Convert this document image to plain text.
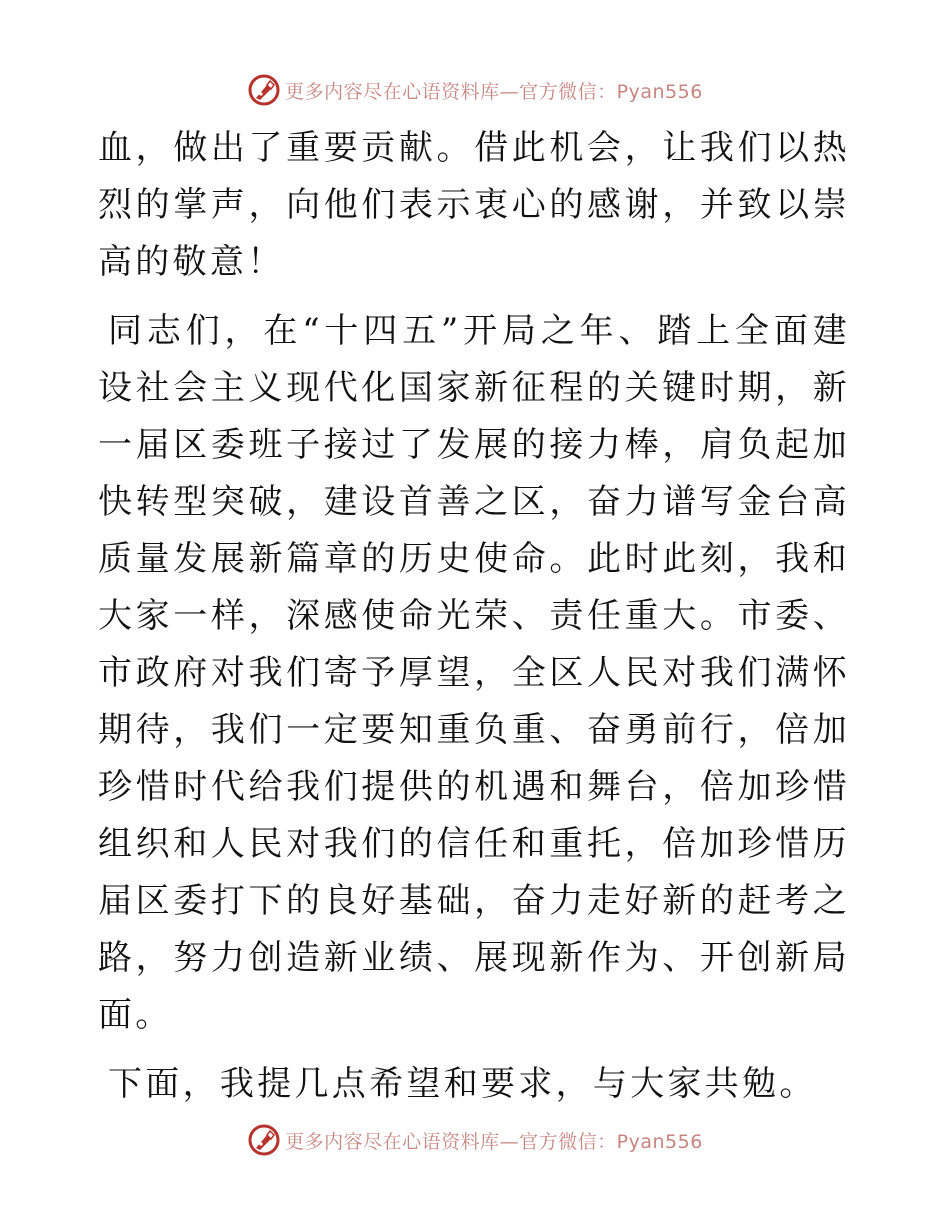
更多内容尽在心语资料库—官方微信：Pyan556

血，做出了重要贡献。借此机会，让我们以热烈的掌声，向他们表示衷心的感谢，并致以崇高的敬意！

同志们，在“十四五”开局之年、踏上全面建设社会主义现代化国家新征程的关键时期，新一届区委班子接过了发展的接力棒，肩负起加快转型突破，建设首善之区，奋力谱写金台高质量发展新篇章的历史使命。此时此刻，我和大家一样，深感使命光荣、责任重大。市委、市政府对我们寄予厚望，全区人民对我们满怀期待，我们一定要知重负重、奋勇前行，倍加珍惜时代给我们提供的机遇和舞台，倍加珍惜组织和人民对我们的信任和重托，倍加珍惜历届区委打下的良好基础，奋力走好新的赶考之路，努力创造新业绩、展现新作为、开创新局面。

下面，我提几点希望和要求，与大家共勉。

更多内容尽在心语资料库—官方微信：Pyan556
